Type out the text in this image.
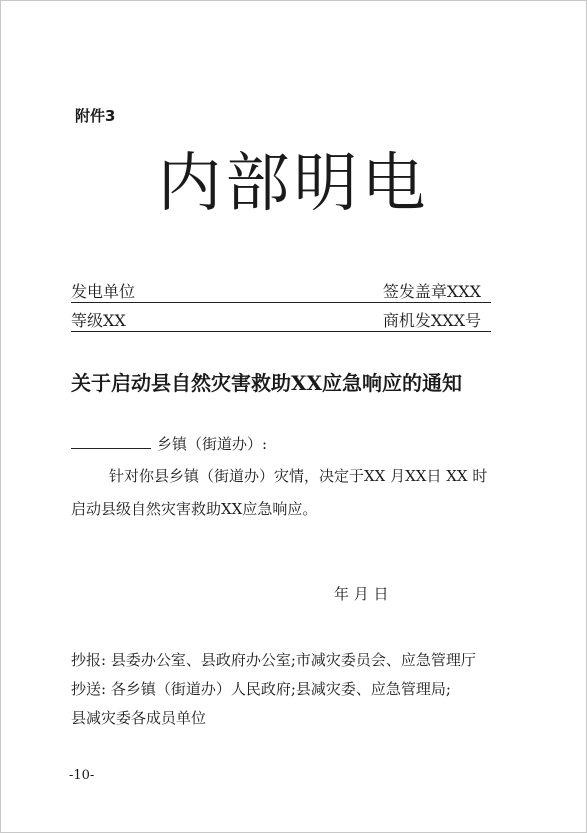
附件3
内部明电
发电单位	签发盖章XXX
等级XX	商机发XXX号
关于启动县自然灾害救助XX应急响应的通知
乡镇（街道办）:
针对你县乡镇（街道办）灾情，决定于XX 月XX日 XX 时
启动县级自然灾害救助XX应急响应。
年 月 日
抄报: 县委办公室、县政府办公室;市减灾委员会、应急管理厅
抄送: 各乡镇（街道办）人民政府;县减灾委、应急管理局;
县减灾委各成员单位
-10-
